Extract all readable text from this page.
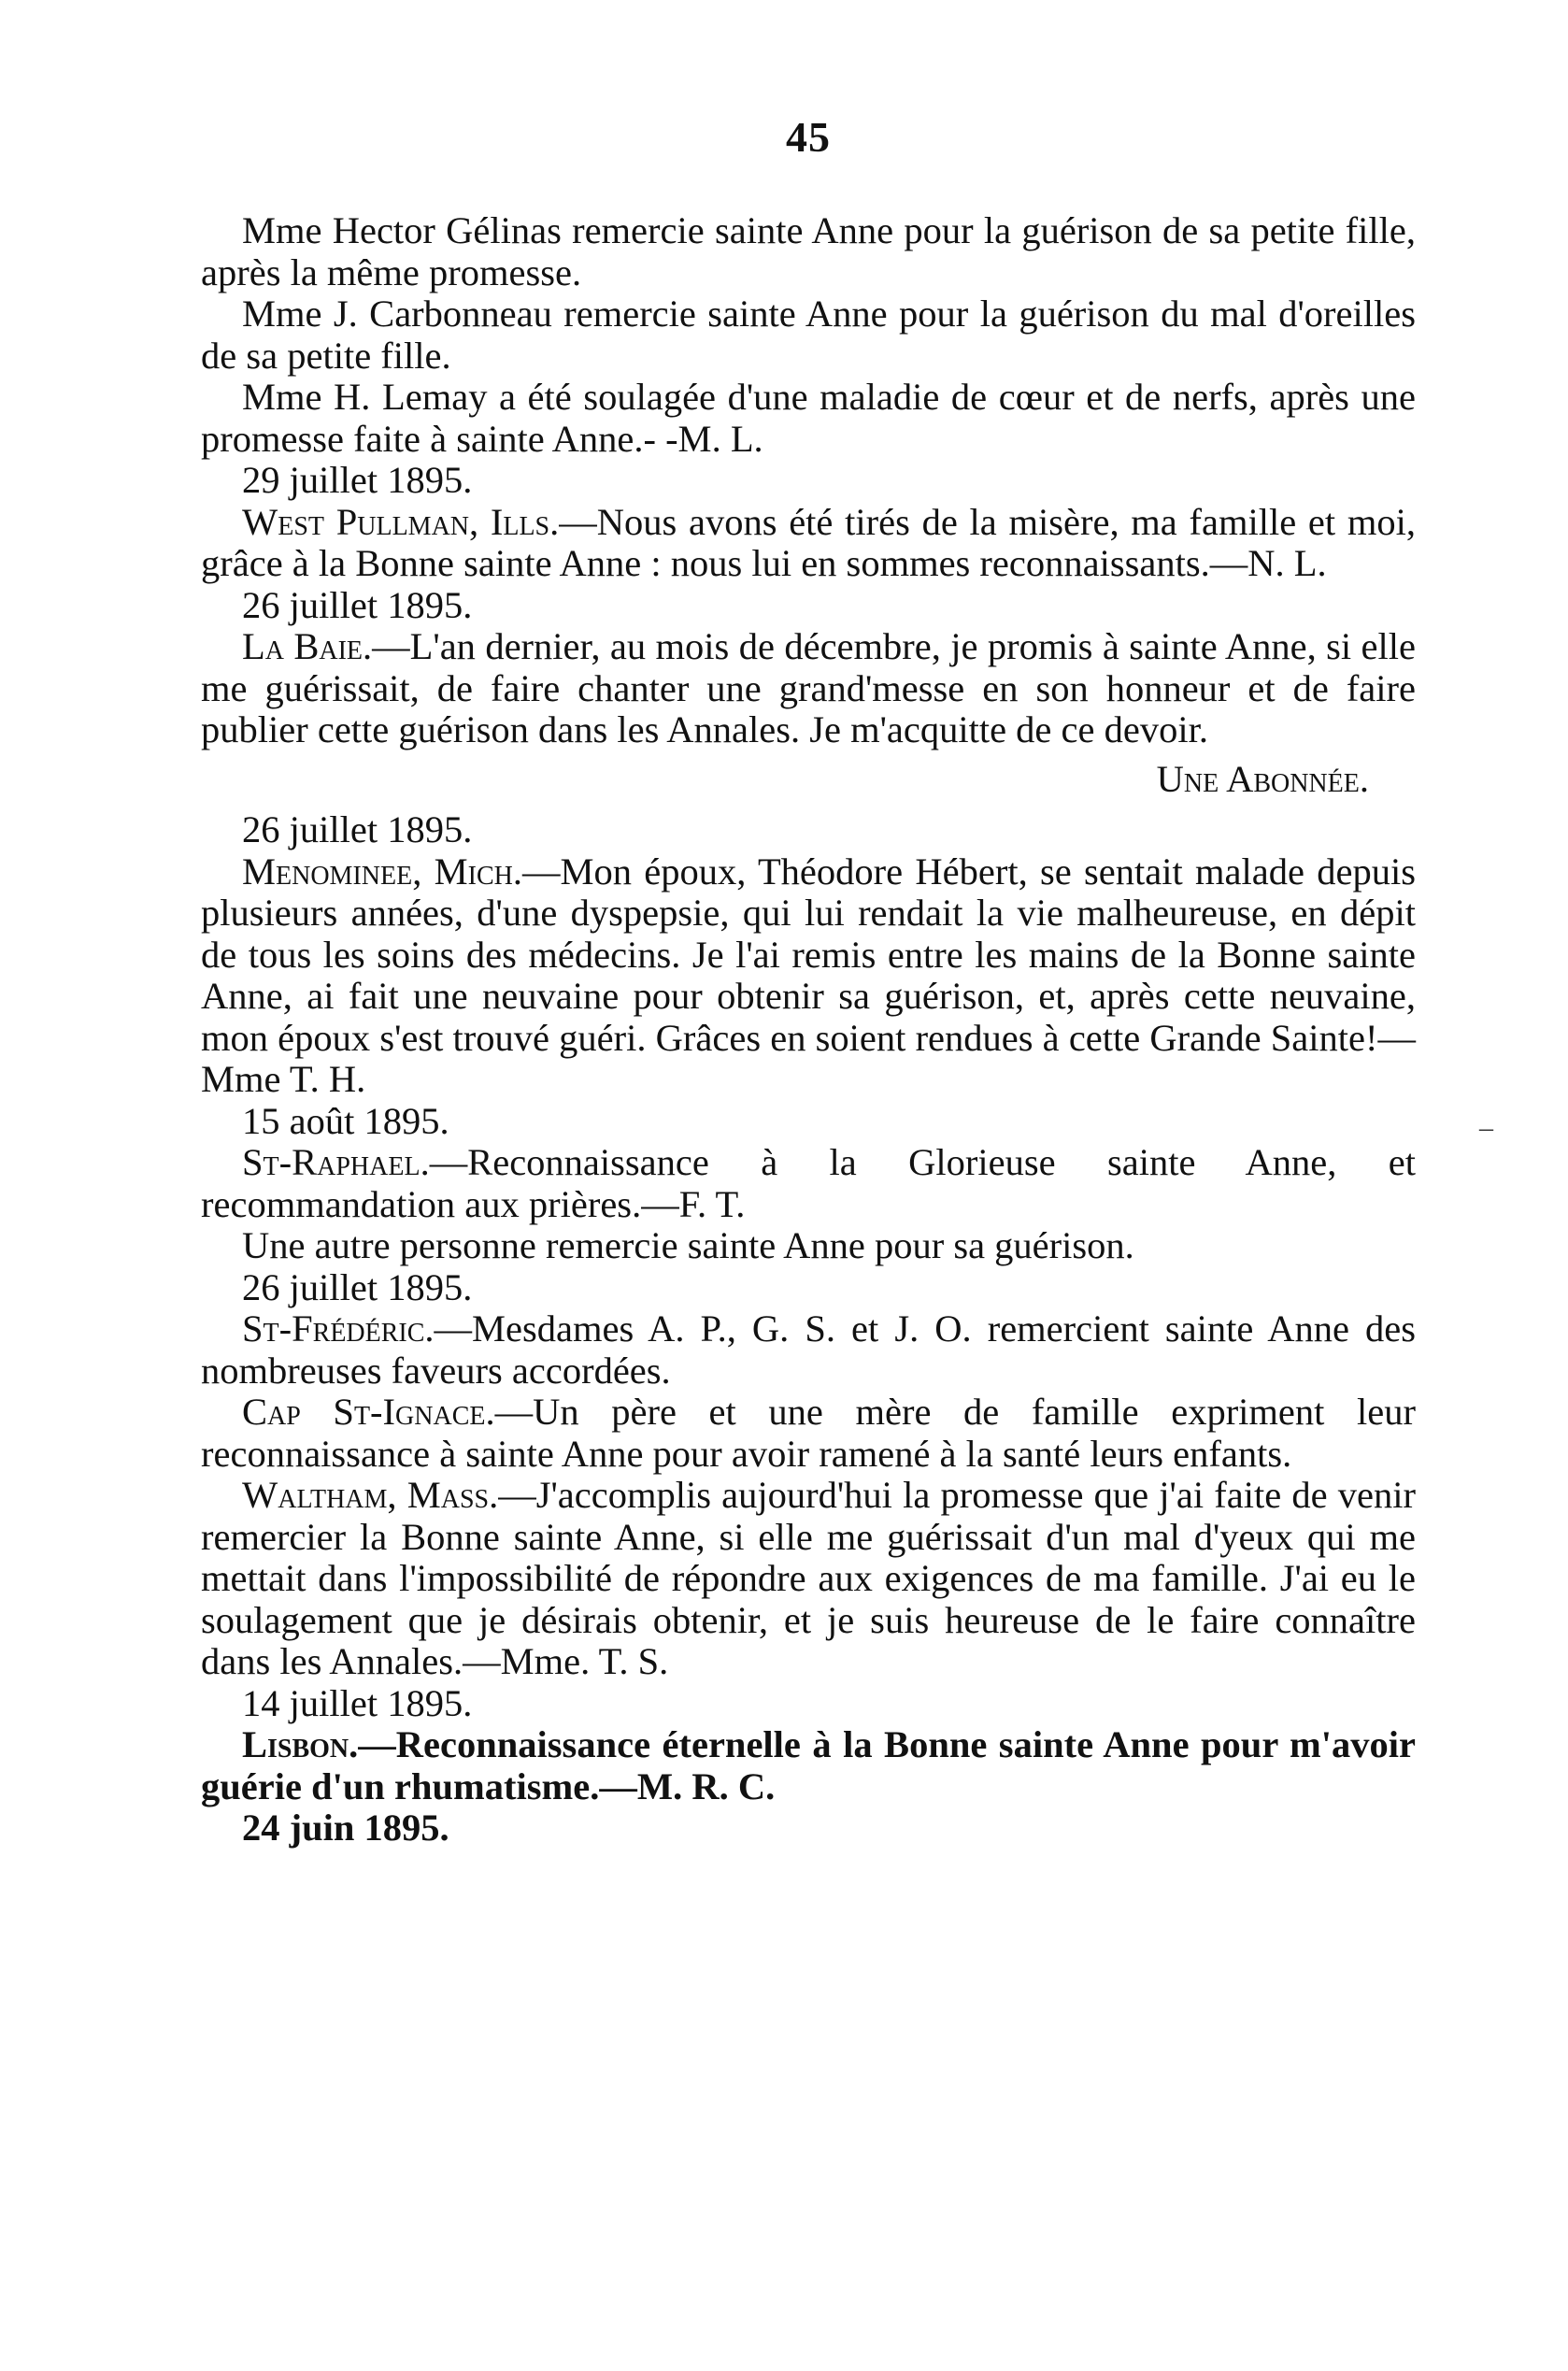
45

Mme Hector Gélinas remercie sainte Anne pour la guérison de sa petite fille, après la même promesse.

Mme J. Carbonneau remercie sainte Anne pour la guérison du mal d'oreilles de sa petite fille.

Mme H. Lemay a été soulagée d'une maladie de cœur et de nerfs, après une promesse faite à sainte Anne.- -M. L.

29 juillet 1895.

West Pullman, Ills.—Nous avons été tirés de la misère, ma famille et moi, grâce à la Bonne sainte Anne : nous lui en sommes reconnaissants.—N. L.

26 juillet 1895.

La Baie.—L'an dernier, au mois de décembre, je promis à sainte Anne, si elle me guérissait, de faire chanter une grand'messe en son honneur et de faire publier cette guérison dans les Annales. Je m'acquitte de ce devoir.

Une Abonnée.

26 juillet 1895.

Menominee, Mich.—Mon époux, Théodore Hébert, se sentait malade depuis plusieurs années, d'une dyspepsie, qui lui rendait la vie malheureuse, en dépit de tous les soins des médecins. Je l'ai remis entre les mains de la Bonne sainte Anne, ai fait une neuvaine pour obtenir sa guérison, et, après cette neuvaine, mon époux s'est trouvé guéri. Grâces en soient rendues à cette Grande Sainte!—Mme T. H.

15 août 1895.

St-Raphael.—Reconnaissance à la Glorieuse sainte Anne, et recommandation aux prières.—F. T.

Une autre personne remercie sainte Anne pour sa guérison.

26 juillet 1895.

St-Frédéric.—Mesdames A. P., G. S. et J. O. remercient sainte Anne des nombreuses faveurs accordées.

Cap St-Ignace.—Un père et une mère de famille expriment leur reconnaissance à sainte Anne pour avoir ramené à la santé leurs enfants.

Waltham, Mass.—J'accomplis aujourd'hui la promesse que j'ai faite de venir remercier la Bonne sainte Anne, si elle me guérissait d'un mal d'yeux qui me mettait dans l'impossibilité de répondre aux exigences de ma famille. J'ai eu le soulagement que je désirais obtenir, et je suis heureuse de le faire connaître dans les Annales.—Mme. T. S.

14 juillet 1895.

Lisbon.—Reconnaissance éternelle à la Bonne sainte Anne pour m'avoir guérie d'un rhumatisme.—M. R. C.

24 juin 1895.

–
